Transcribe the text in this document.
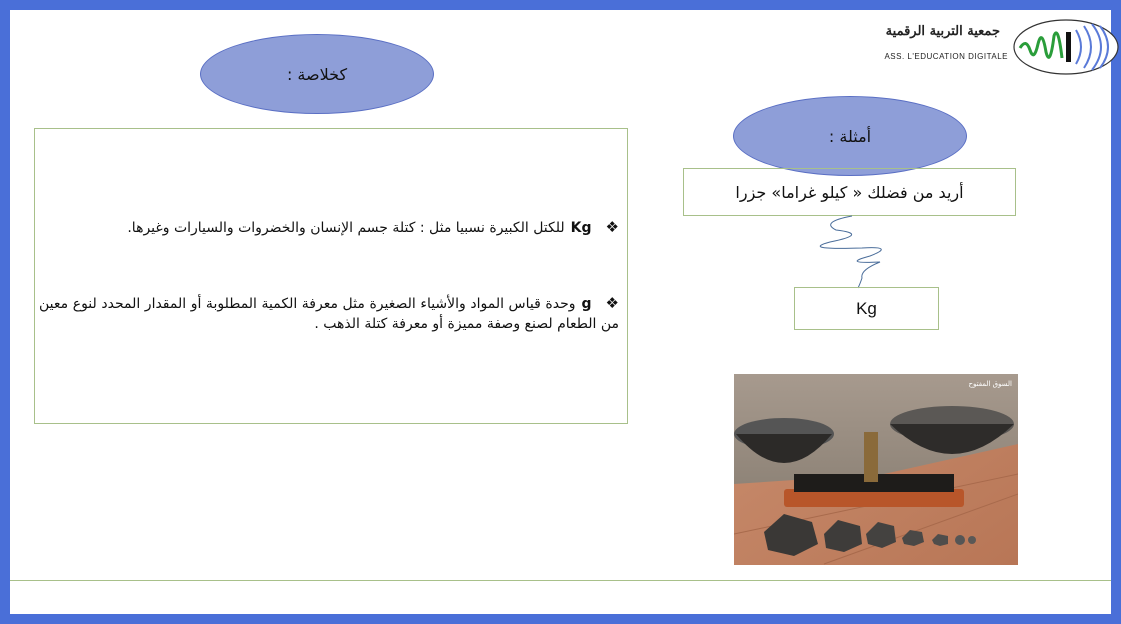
جمعية التربية الرقمية
ASS. L'EDUCATION DIGITALE
كخلاصة :
❖Kgللكتل الكبيرة نسبيا مثل : كتلة جسم الإنسان والخضروات والسيارات وغيرها.
❖gوحدة قياس المواد والأشياء الصغيرة مثل معرفة الكمية المطلوبة أو المقدار المحدد لنوع معين من الطعام لصنع وصفة مميزة أو معرفة كتلة الذهب .
أمثلة :
أريد من فضلك « كيلو غراما» جزرا
Kg
السوق المفتوح
